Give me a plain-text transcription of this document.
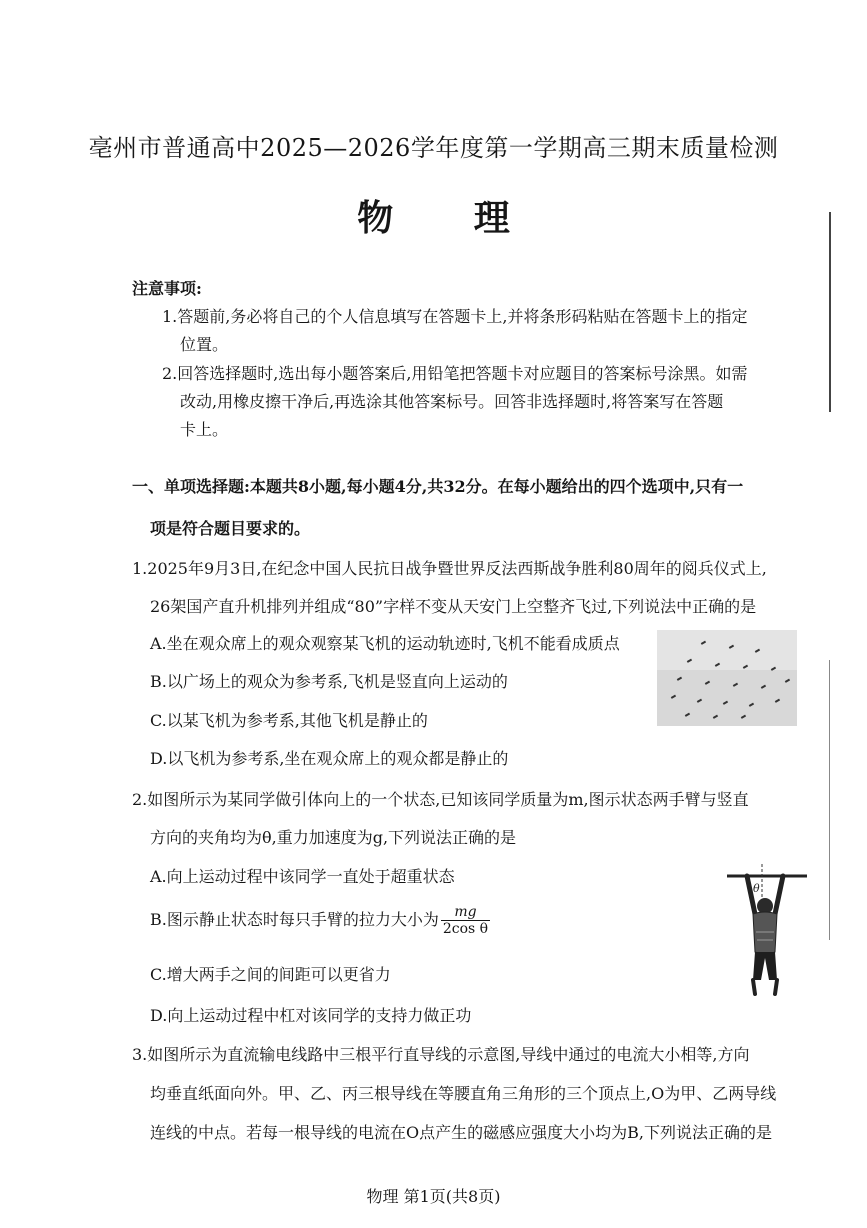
亳州市普通高中2025—2026学年度第一学期高三期末质量检测
物 理
注意事项:
1.答题前,务必将自己的个人信息填写在答题卡上,并将条形码粘贴在答题卡上的指定
位置。
2.回答选择题时,选出每小题答案后,用铅笔把答题卡对应题目的答案标号涂黑。如需
改动,用橡皮擦干净后,再选涂其他答案标号。回答非选择题时,将答案写在答题
卡上。
一、单项选择题:本题共8小题,每小题4分,共32分。在每小题给出的四个选项中,只有一
项是符合题目要求的。
1.2025年9月3日,在纪念中国人民抗日战争暨世界反法西斯战争胜利80周年的阅兵仪式上,
26架国产直升机排列并组成“80”字样不变从天安门上空整齐飞过,下列说法中正确的是
A.坐在观众席上的观众观察某飞机的运动轨迹时,飞机不能看成质点
B.以广场上的观众为参考系,飞机是竖直向上运动的
C.以某飞机为参考系,其他飞机是静止的
D.以飞机为参考系,坐在观众席上的观众都是静止的
2.如图所示为某同学做引体向上的一个状态,已知该同学质量为m,图示状态两手臂与竖直
方向的夹角均为θ,重力加速度为g,下列说法正确的是
A.向上运动过程中该同学一直处于超重状态
B.图示静止状态时每只手臂的拉力大小为 $\frac{mg}{\text{2cos θ}}$
C.增大两手之间的间距可以更省力
D.向上运动过程中杠对该同学的支持力做正功
θ
3.如图所示为直流输电线路中三根平行直导线的示意图,导线中通过的电流大小相等,方向
均垂直纸面向外。甲、乙、丙三根导线在等腰直角三角形的三个顶点上,O为甲、乙两导线
连线的中点。若每一根导线的电流在O点产生的磁感应强度大小均为B,下列说法正确的是
物理 第1页(共8页)
